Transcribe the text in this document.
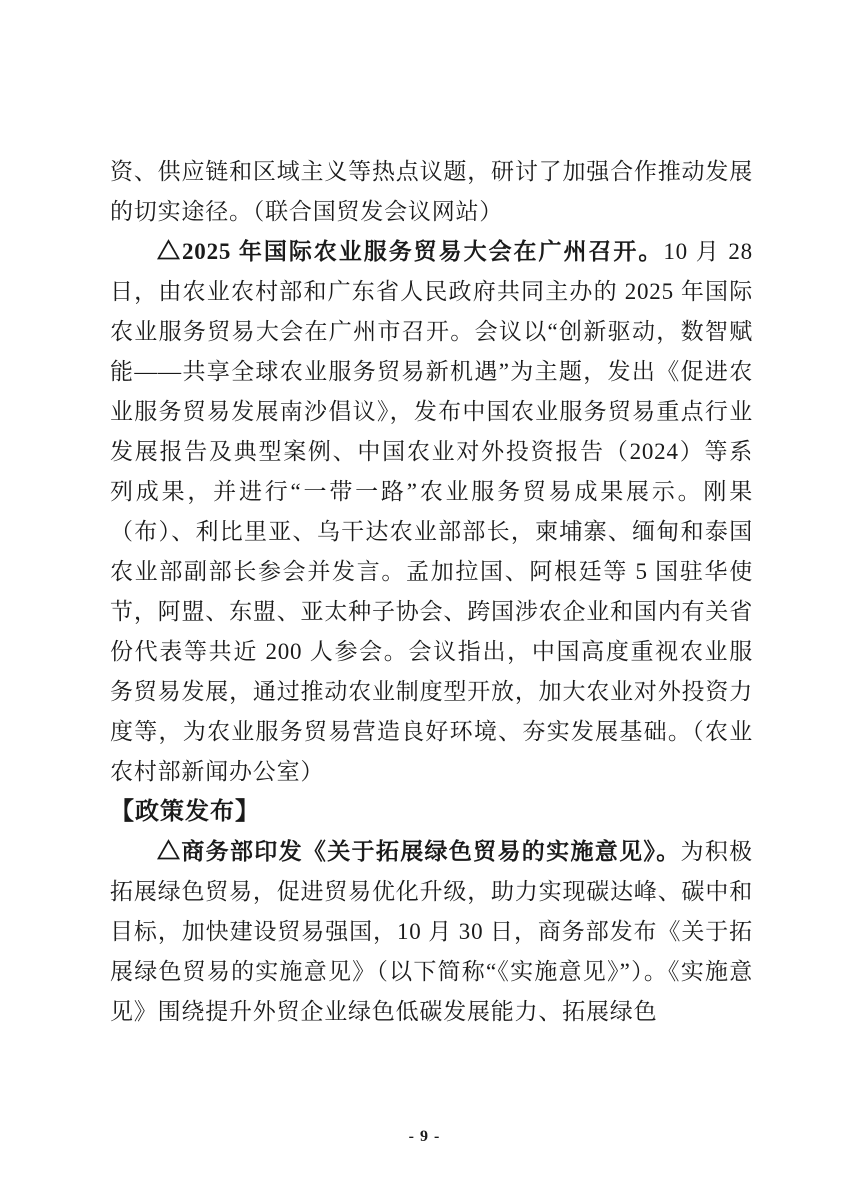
资、供应链和区域主义等热点议题，研讨了加强合作推动发展的切实途径。（联合国贸发会议网站）

△2025 年国际农业服务贸易大会在广州召开。10 月 28 日，由农业农村部和广东省人民政府共同主办的 2025 年国际农业服务贸易大会在广州市召开。会议以“创新驱动，数智赋能——共享全球农业服务贸易新机遇”为主题，发出《促进农业服务贸易发展南沙倡议》，发布中国农业服务贸易重点行业发展报告及典型案例、中国农业对外投资报告（2024）等系列成果，并进行“一带一路”农业服务贸易成果展示。刚果（布）、利比里亚、乌干达农业部部长，柬埔寨、缅甸和泰国农业部副部长参会并发言。孟加拉国、阿根廷等 5 国驻华使节，阿盟、东盟、亚太种子协会、跨国涉农企业和国内有关省份代表等共近 200 人参会。会议指出，中国高度重视农业服务贸易发展，通过推动农业制度型开放，加大农业对外投资力度等，为农业服务贸易营造良好环境、夯实发展基础。（农业农村部新闻办公室）

【政策发布】

△商务部印发《关于拓展绿色贸易的实施意见》。为积极拓展绿色贸易，促进贸易优化升级，助力实现碳达峰、碳中和目标，加快建设贸易强国，10 月 30 日，商务部发布《关于拓展绿色贸易的实施意见》（以下简称“《实施意见》”）。《实施意见》围绕提升外贸企业绿色低碳发展能力、拓展绿色

- 9 -
